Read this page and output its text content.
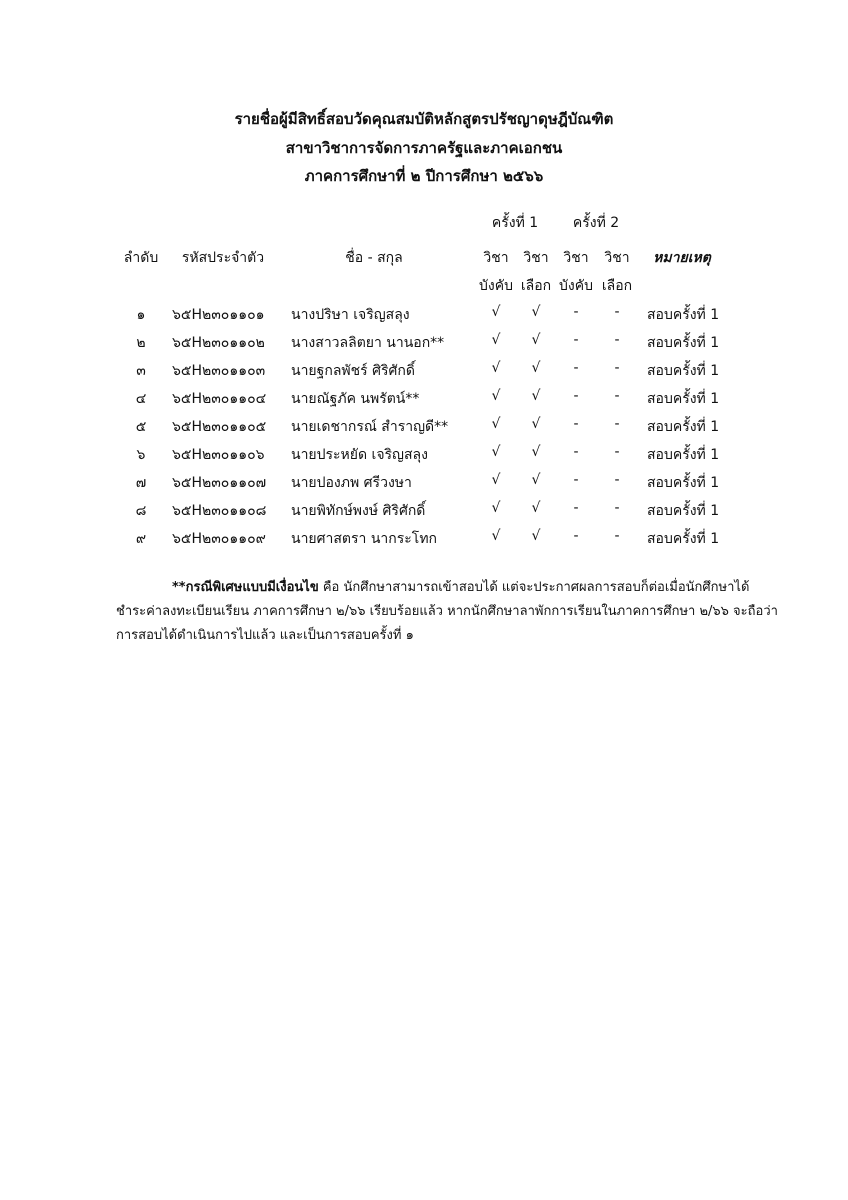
รายชื่อผู้มีสิทธิ์สอบวัดคุณสมบัติหลักสูตรปรัชญาดุษฎีบัณฑิต
สาขาวิชาการจัดการภาครัฐและภาคเอกชน
ภาคการศึกษาที่ ๒ ปีการศึกษา ๒๕๖๖
ครั้งที่ 1 ครั้งที่ 2
ลำดับ รหัสประจำตัว	ชื่อ - สกุล	วิชา วิชา วิชา วิชา หมายเหตุ
บังคับ เลือก บังคับ เลือก
๑ ๖๕H๒๓๐๑๑๐๑ นางปริษา เจริญสลุง	√ √ -	- สอบครั้งที่ 1
๒ ๖๕H๒๓๐๑๑๐๒ นางสาวลลิตยา นานอก**	√ √ -	- สอบครั้งที่ 1
๓ ๖๕H๒๓๐๑๑๐๓ นายฐกลพัชร์ ศิริศักดิ์	√ √ -	- สอบครั้งที่ 1
๔ ๖๕H๒๓๐๑๑๐๔ นายณัฐภัค นพรัตน์**	√ √ -	- สอบครั้งที่ 1
๕ ๖๕H๒๓๐๑๑๐๕ นายเดชากรณ์ สำราญดี**	√ √ -	- สอบครั้งที่ 1
๖ ๖๕H๒๓๐๑๑๐๖ นายประหยัด เจริญสลุง	√ √ -	- สอบครั้งที่ 1
๗ ๖๕H๒๓๐๑๑๐๗ นายปองภพ ศรีวงษา	√ √ -	- สอบครั้งที่ 1
๘ ๖๕H๒๓๐๑๑๐๘ นายพิทักษ์พงษ์ ศิริศักดิ์	√ √ -	- สอบครั้งที่ 1
๙ ๖๕H๒๓๐๑๑๐๙ นายศาสตรา นากระโทก	√ √ -	- สอบครั้งที่ 1
**กรณีพิเศษแบบมีเงื่อนไข คือ นักศึกษาสามารถเข้าสอบได้ แต่จะประกาศผลการสอบก็ต่อเมื่อนักศึกษาได้
ชำระค่าลงทะเบียนเรียน ภาคการศึกษา ๒/๖๖ เรียบร้อยแล้ว หากนักศึกษาลาพักการเรียนในภาคการศึกษา ๒/๖๖ จะถือว่า
การสอบได้ดำเนินการไปแล้ว และเป็นการสอบครั้งที่ ๑
